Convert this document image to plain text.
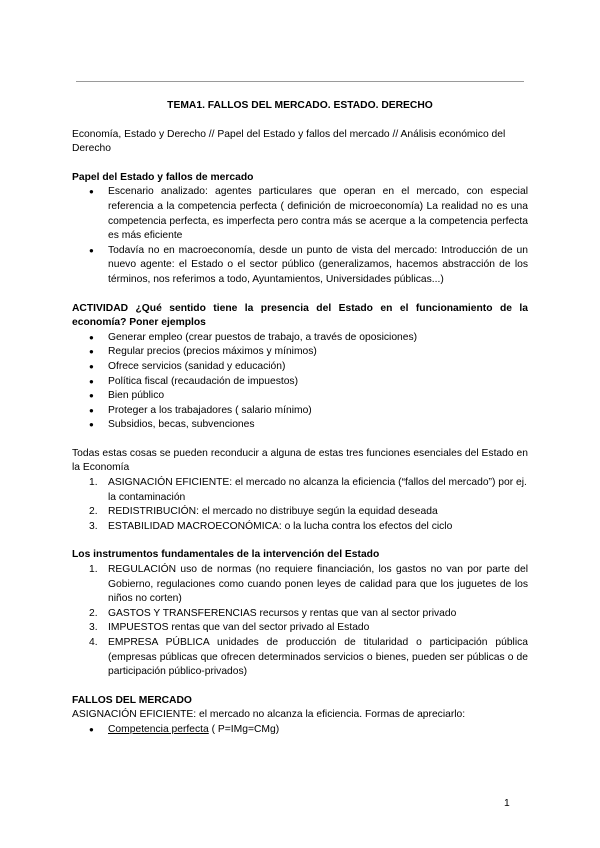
TEMA1. FALLOS DEL MERCADO. ESTADO. DERECHO

Economía, Estado y Derecho // Papel del Estado y fallos del mercado // Análisis económico del Derecho

Papel del Estado y fallos de mercado

● Escenario analizado: agentes particulares que operan en el mercado, con especial referencia a la competencia perfecta ( definición de microeconomía) La realidad no es una competencia perfecta, es imperfecta pero contra más se acerque a la competencia perfecta es más eficiente
● Todavía no en macroeconomía, desde un punto de vista del mercado: Introducción de un nuevo agente: el Estado o el sector público (generalizamos, hacemos abstracción de los términos, nos referimos a todo, Ayuntamientos, Universidades públicas...)

ACTIVIDAD ¿Qué sentido tiene la presencia del Estado en el funcionamiento de la economía? Poner ejemplos

● Generar empleo (crear puestos de trabajo, a través de oposiciones)
● Regular precios (precios máximos y mínimos)
● Ofrece servicios (sanidad y educación)
● Política fiscal (recaudación de impuestos)
● Bien público
● Proteger a los trabajadores ( salario mínimo)
● Subsidios, becas, subvenciones

Todas estas cosas se pueden reconducir a alguna de estas tres funciones esenciales del Estado en la Economía

1. ASIGNACIÓN EFICIENTE: el mercado no alcanza la eficiencia (“fallos del mercado”) por ej. la contaminación
2. REDISTRIBUCIÓN: el mercado no distribuye según la equidad deseada
3. ESTABILIDAD MACROECONÓMICA: o la lucha contra los efectos del ciclo

Los instrumentos fundamentales de la intervención del Estado

1. REGULACIÓN uso de normas (no requiere financiación, los gastos no van por parte del Gobierno, regulaciones como cuando ponen leyes de calidad para que los juguetes de los niños no corten)
2. GASTOS Y TRANSFERENCIAS recursos y rentas que van al sector privado
3. IMPUESTOS rentas que van del sector privado al Estado
4. EMPRESA PÚBLICA unidades de producción de titularidad o participación pública (empresas públicas que ofrecen determinados servicios o bienes, pueden ser públicas o de participación público-privados)

FALLOS DEL MERCADO

ASIGNACIÓN EFICIENTE: el mercado no alcanza la eficiencia. Formas de apreciarlo:

● Competencia perfecta ( P=IMg=CMg)
1
